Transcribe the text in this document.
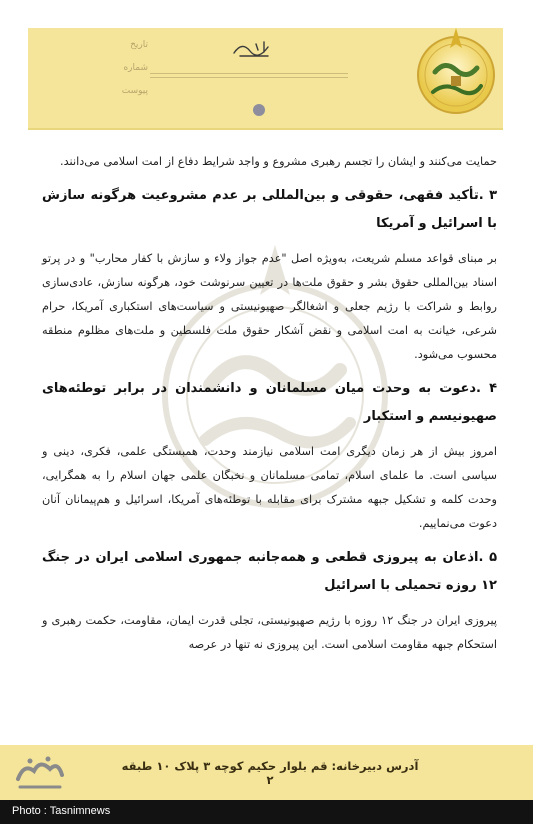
تاریخ
شماره
پیوست

حمایت می‌کنند و ایشان را تجسم رهبری مشروع و واجد شرایط دفاع از امت اسلامی می‌دانند.

۳ .تأکید فقهی، حقوقی و بین‌المللی بر عدم مشروعیت هرگونه سازش با اسرائیل و آمریکا

بر مبنای قواعد مسلم شریعت، به‌ویژه اصل "عدم جواز ولاء و سازش با کفار محارب" و در پرتو اسناد بین‌المللی حقوق بشر و حقوق ملت‌ها در تعیین سرنوشت خود، هرگونه سازش، عادی‌سازی روابط و شراکت با رژیم جعلی و اشغالگر صهیونیستی و سیاست‌های استکباری آمریکا، حرام شرعی، خیانت به امت اسلامی و نقض آشکار حقوق ملت فلسطین و ملت‌های مظلوم منطقه محسوب می‌شود.

۴ .دعوت به وحدت میان مسلمانان و دانشمندان در برابر توطئه‌های صهیونیسم و استکبار

امروز بیش از هر زمان دیگری امت اسلامی نیازمند وحدت، همبستگی علمی، فکری، دینی و سیاسی است. ما علمای اسلام، تمامی مسلمانان و نخبگان علمی جهان اسلام را به همگرایی، وحدت کلمه و تشکیل جبهه مشترک برای مقابله با توطئه‌های آمریکا، اسرائیل و هم‌پیمانان آنان دعوت می‌نماییم.

۵ .اذعان به پیروزی قطعی و همه‌جانبه جمهوری اسلامی ایران در جنگ ۱۲ روزه تحمیلی با اسرائیل

پیروزی ایران در جنگ ۱۲ روزه با رژیم صهیونیستی، تجلی قدرت ایمان، مقاومت، حکمت رهبری و استحکام جبهه مقاومت اسلامی است. این پیروزی نه تنها در عرصه

آدرس دبیرخانه: قم بلوار حکیم کوچه ۳ پلاک ۱۰ طبقه ۲
Photo : Tasnimnews
